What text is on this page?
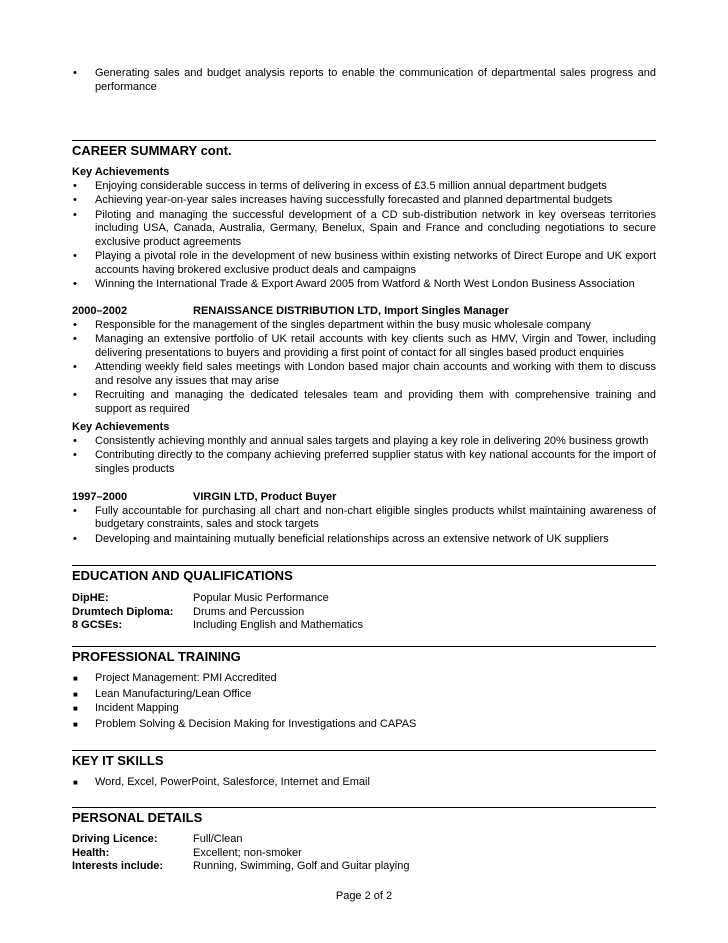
•	Generating sales and budget analysis reports to enable the communication of departmental sales progress and performance
CAREER SUMMARY cont.
Key Achievements
•	Enjoying considerable success in terms of delivering in excess of £3.5 million annual department budgets
•	Achieving year-on-year sales increases having successfully forecasted and planned departmental budgets
•	Piloting and managing the successful development of a CD sub-distribution network in key overseas territories including USA, Canada, Australia, Germany, Benelux, Spain and France and concluding negotiations to secure exclusive product agreements
•	Playing a pivotal role in the development of new business within existing networks of Direct Europe and UK export accounts having brokered exclusive product deals and campaigns
•	Winning the International Trade & Export Award 2005 from Watford & North West London Business Association
2000–2002	RENAISSANCE DISTRIBUTION LTD, Import Singles Manager
•	Responsible for the management of the singles department within the busy music wholesale company
•	Managing an extensive portfolio of UK retail accounts with key clients such as HMV, Virgin and Tower, including delivering presentations to buyers and providing a first point of contact for all singles based product enquiries
•	Attending weekly field sales meetings with London based major chain accounts and working with them to discuss and resolve any issues that may arise
•	Recruiting and managing the dedicated telesales team and providing them with comprehensive training and support as required
Key Achievements
•	Consistently achieving monthly and annual sales targets and playing a key role in delivering 20% business growth
•	Contributing directly to the company achieving preferred supplier status with key national accounts for the import of singles products
1997–2000	VIRGIN LTD, Product Buyer
•	Fully accountable for purchasing all chart and non-chart eligible singles products whilst maintaining awareness of budgetary constraints, sales and stock targets
•	Developing and maintaining mutually beneficial relationships across an extensive network of UK suppliers
EDUCATION AND QUALIFICATIONS
DipHE:	Popular Music Performance
Drumtech Diploma:	Drums and Percussion
8 GCSEs:	Including English and Mathematics
PROFESSIONAL TRAINING
■	Project Management: PMI Accredited
■	Lean Manufacturing/Lean Office
■	Incident Mapping
■	Problem Solving & Decision Making for Investigations and CAPAS
KEY IT SKILLS
■	Word, Excel, PowerPoint, Salesforce, Internet and Email
PERSONAL DETAILS
Driving Licence:	Full/Clean
Health:	Excellent; non-smoker
Interests include:	Running, Swimming, Golf and Guitar playing
Page 2 of 2
